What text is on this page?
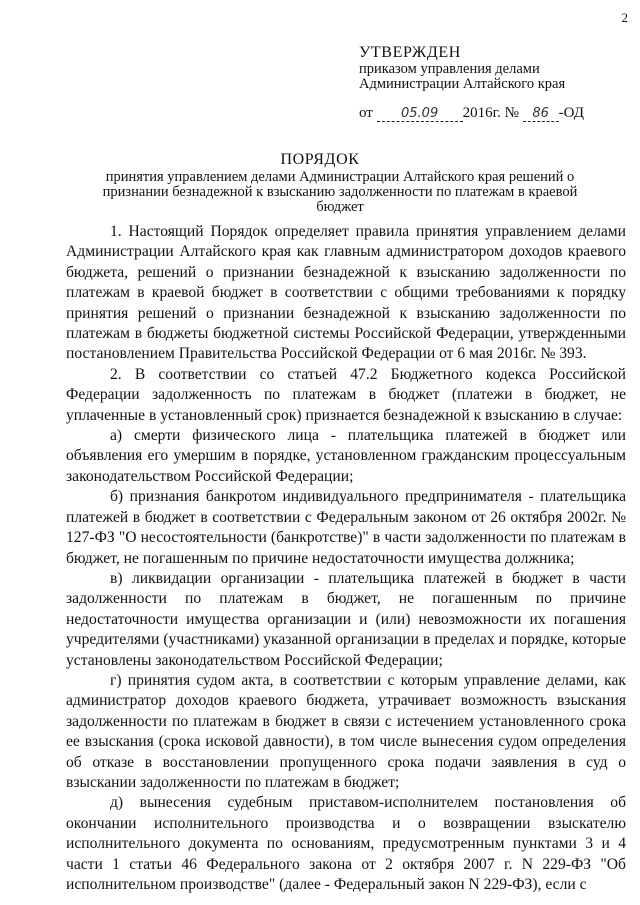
2
УТВЕРЖДЕН
приказом управления делами
Администрации Алтайского края
от 05.09 2016г. № 86 -ОД
ПОРЯДОК
принятия управлением делами Администрации Алтайского края решений о признании безнадежной к взысканию задолженности по платежам в краевой бюджет

1. Настоящий Порядок определяет правила принятия управлением делами Администрации Алтайского края как главным администратором доходов краевого бюджета, решений о признании безнадежной к взысканию задолженности по платежам в краевой бюджет в соответствии с общими требованиями к порядку принятия решений о признании безнадежной к взысканию задолженности по платежам в бюджеты бюджетной системы Российской Федерации, утвержденными постановлением Правительства Российской Федерации от 6 мая 2016г. № 393.

2. В соответствии со статьей 47.2 Бюджетного кодекса Российской Федерации задолженность по платежам в бюджет (платежи в бюджет, не уплаченные в установленный срок) признается безнадежной к взысканию в случае:

а) смерти физического лица - плательщика платежей в бюджет или объявления его умершим в порядке, установленном гражданским процессуальным законодательством Российской Федерации;

б) признания банкротом индивидуального предпринимателя - плательщика платежей в бюджет в соответствии с Федеральным законом от 26 октября 2002г. № 127-ФЗ "О несостоятельности (банкротстве)" в части задолженности по платежам в бюджет, не погашенным по причине недостаточности имущества должника;

в) ликвидации организации - плательщика платежей в бюджет в части задолженности по платежам в бюджет, не погашенным по причине недостаточности имущества организации и (или) невозможности их погашения учредителями (участниками) указанной организации в пределах и порядке, которые установлены законодательством Российской Федерации;

г) принятия судом акта, в соответствии с которым управление делами, как администратор доходов краевого бюджета, утрачивает возможность взыскания задолженности по платежам в бюджет в связи с истечением установленного срока ее взыскания (срока исковой давности), в том числе вынесения судом определения об отказе в восстановлении пропущенного срока подачи заявления в суд о взыскании задолженности по платежам в бюджет;

д) вынесения судебным приставом-исполнителем постановления об окончании исполнительного производства и о возвращении взыскателю исполнительного документа по основаниям, предусмотренным пунктами 3 и 4 части 1 статьи 46 Федерального закона от 2 октября 2007 г. N 229-ФЗ "Об исполнительном производстве" (далее - Федеральный закон N 229-ФЗ), если с
